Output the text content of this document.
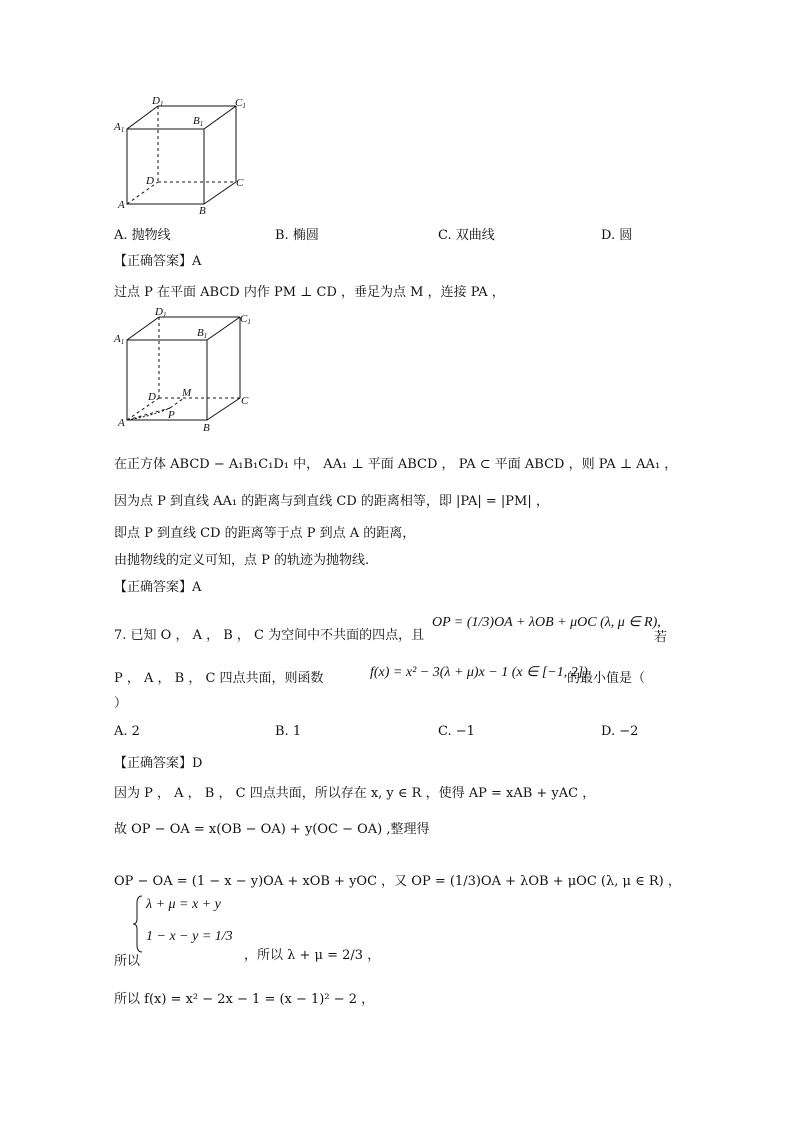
D1	C1
A1
B1
D	C
A	B
A. 抛物线	B. 椭圆	C. 双曲线	D. 圆
【正确答案】A
过点 P 在平面 ABCD 内作 PM ⊥ CD ，垂足为点 M ，连接 PA ，
D1	C1
A1
B1
D M
P
C
A	B
在正方体 ABCD − A₁B₁C₁D₁ 中， AA₁ ⊥ 平面 ABCD ， PA ⊂ 平面 ABCD ，则 PA ⊥ AA₁ ，
因为点 P 到直线 AA₁ 的距离与到直线 CD 的距离相等，即 |PA| = |PM| ，
即点 P 到直线 CD 的距离等于点 P 到点 A 的距离，
由抛物线的定义可知，点 P 的轨迹为抛物线.
【正确答案】A
7. 已知 O ， A ， B ， C 为空间中不共面的四点，且
OP = (1/3)OA + λOB + μOC (λ, μ ∈ R),
若
P ， A ， B ， C 四点共面，则函数	f(x) = x² − 3(λ + μ)x − 1 (x ∈ [−1, 2])
的最小值是（
）
A. 2	B. 1	C. −1	D. −2
【正确答案】D
因为 P ， A ， B ， C 四点共面，所以存在 x, y ∈ R ，使得 AP = xAB + yAC ，
故 OP − OA = x(OB − OA) + y(OC − OA) ,整理得
OP − OA = (1 − x − y)OA + xOB + yOC ，又 OP = (1/3)OA + λOB + μOC (λ, μ ∈ R) ，
λ + μ = x + y
1 − x − y = 1/3
所以	，所以 λ + μ = 2/3 ，
所以 f(x) = x² − 2x − 1 = (x − 1)² − 2 ，
